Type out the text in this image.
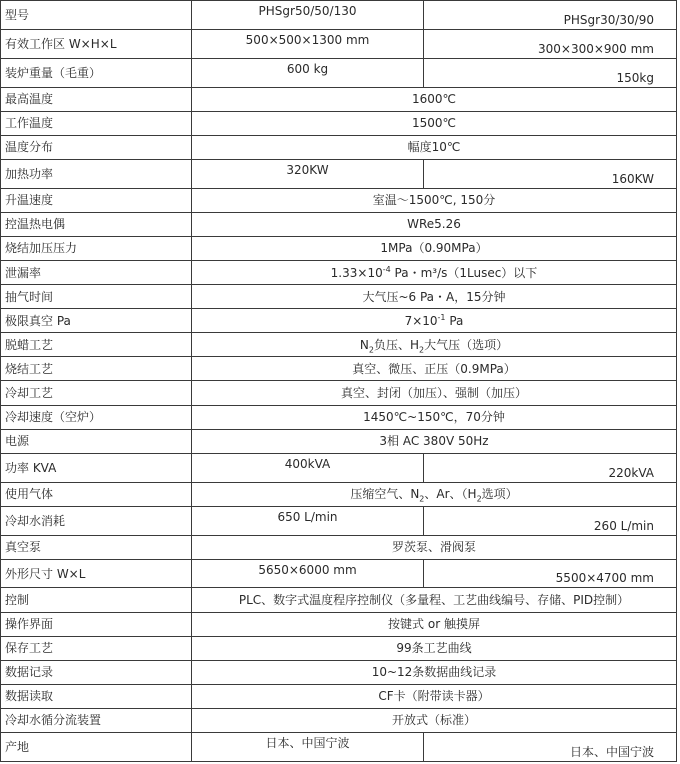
型号	PHSgr50/50/130	PHSgr30/30/90
有效工作区 W×H×L	500×500×1300 mm	300×300×900 mm
装炉重量（毛重）	600 kg	150kg
最高温度	1600℃	
工作温度	1500℃	
温度分布	幅度10℃	
加热功率	320KW	160KW
升温速度	室温～1500℃, 150分	
控温热电偶	WRe5.26	
烧结加压压力	1MPa（0.90MPa）	
泄漏率	$1.33\times 10^{-4}$ Pa・m³/s（1Lusec）以下	
抽气时间	大气压~6 Pa・A，15分钟	
极限真空 Pa	$7\times 10^{-1}$ Pa	
脱蜡工艺	$N_2$负压、$H_2$大气压（选项）	
烧结工艺	真空、微压、正压（0.9MPa）	
冷却工艺	真空、封闭（加压）、强制（加压）	
冷却速度（空炉）	1450℃~150℃，70分钟	
电源	3相 AC 380V 50Hz	
功率 KVA	400kVA	220kVA
使用气体	压缩空气、$N_2$、Ar、（$H_2$选项）	
冷却水消耗	650 L/min	260 L/min
真空泵	罗茨泵、滑阀泵	
外形尺寸 W×L	5650×6000 mm	5500×4700 mm
控制	PLC、数字式温度程序控制仪（多量程、工艺曲线编号、存储、PID控制）	
操作界面	按键式 or 触摸屏	
保存工艺	99条工艺曲线	
数据记录	10~12条数据曲线记录	
数据读取	CF卡（附带读卡器）	
冷却水循分流装置	开放式（标准）	
产地	日本、中国宁波	日本、中国宁波
